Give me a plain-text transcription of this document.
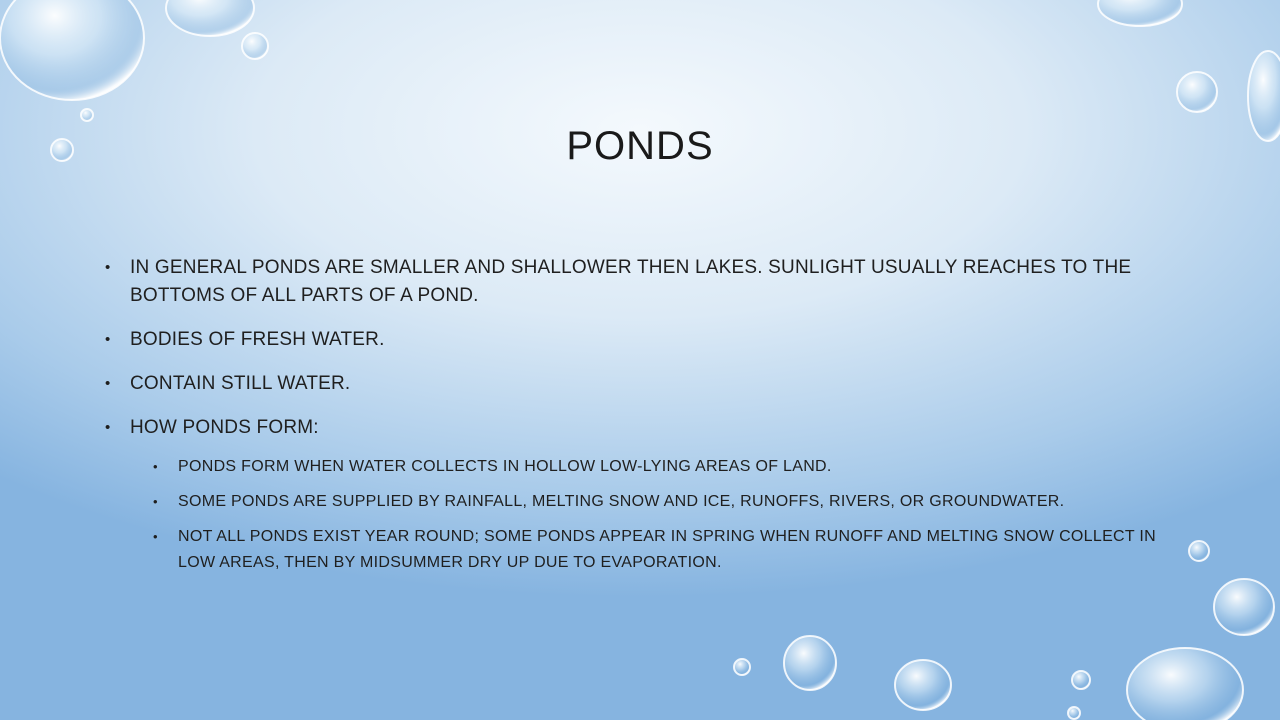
PONDS
• IN GENERAL PONDS ARE SMALLER AND SHALLOWER THEN LAKES. SUNLIGHT USUALLY REACHES TO THE BOTTOMS OF ALL PARTS OF A POND.
• BODIES OF FRESH WATER.
• CONTAIN STILL WATER.
• HOW PONDS FORM:
• PONDS FORM WHEN WATER COLLECTS IN HOLLOW LOW-LYING AREAS OF LAND.
• SOME PONDS ARE SUPPLIED BY RAINFALL, MELTING SNOW AND ICE, RUNOFFS, RIVERS, OR GROUNDWATER.
• NOT ALL PONDS EXIST YEAR ROUND; SOME PONDS APPEAR IN SPRING WHEN RUNOFF AND MELTING SNOW COLLECT IN LOW AREAS, THEN BY MIDSUMMER DRY UP DUE TO EVAPORATION.
